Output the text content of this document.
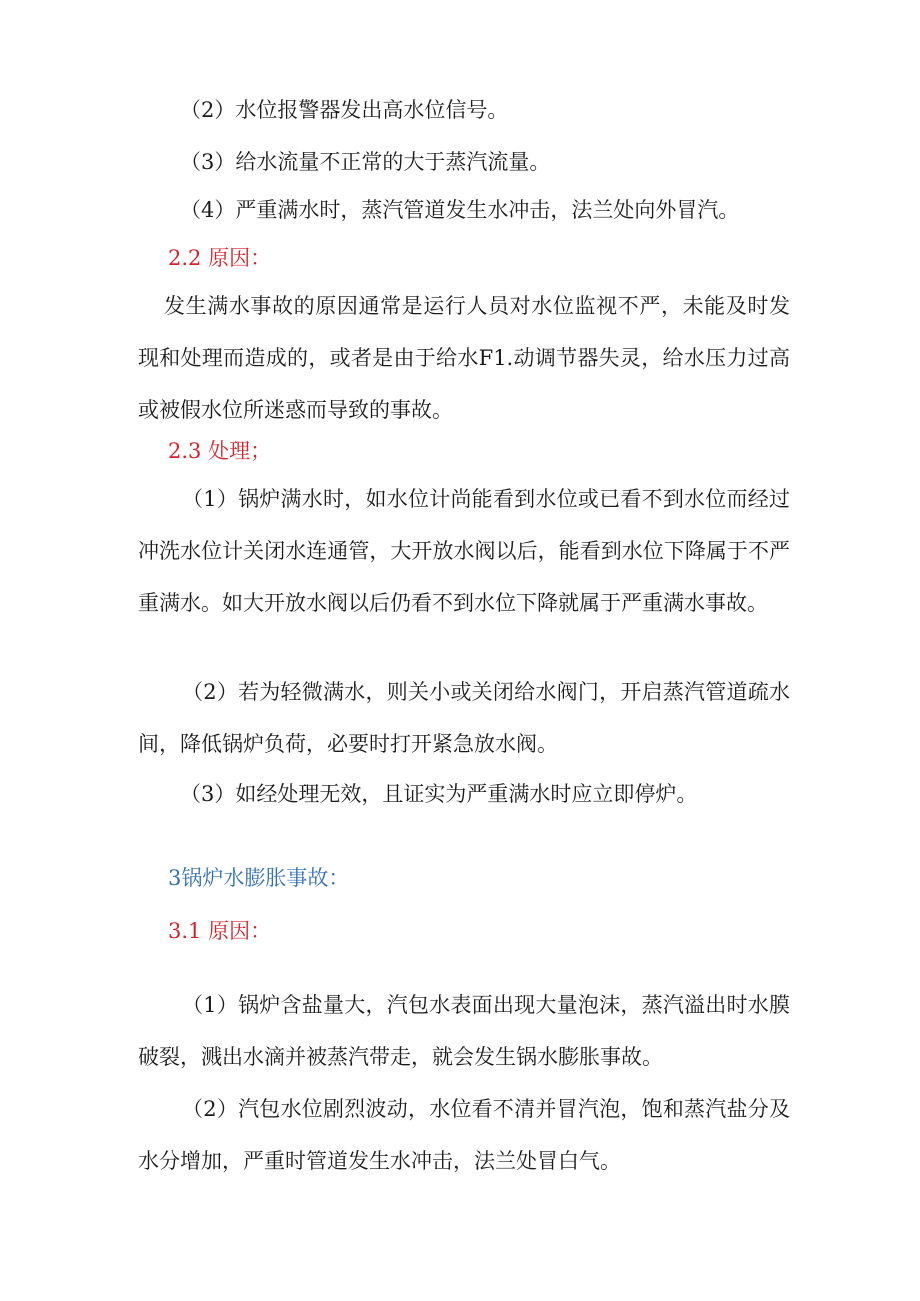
（2）水位报警器发出高水位信号。
（3）给水流量不正常的大于蒸汽流量。
（4）严重满水时，蒸汽管道发生水冲击，法兰处向外冒汽。
2.2 原因：
发生满水事故的原因通常是运行人员对水位监视不严，未能及时发现和处理而造成的，或者是由于给水F1.动调节器失灵，给水压力过高或被假水位所迷惑而导致的事故。
2.3 处理；
（1）锅炉满水时，如水位计尚能看到水位或已看不到水位而经过冲洗水位计关闭水连通管，大开放水阀以后，能看到水位下降属于不严重满水。如大开放水阀以后仍看不到水位下降就属于严重满水事故。
（2）若为轻微满水，则关小或关闭给水阀门，开启蒸汽管道疏水间，降低锅炉负荷，必要时打开紧急放水阀。
（3）如经处理无效，且证实为严重满水时应立即停炉。
3锅炉水膨胀事故：
3.1 原因：
（1）锅炉含盐量大，汽包水表面出现大量泡沫，蒸汽溢出时水膜破裂，溅出水滴并被蒸汽带走，就会发生锅水膨胀事故。
（2）汽包水位剧烈波动，水位看不清并冒汽泡，饱和蒸汽盐分及水分增加，严重时管道发生水冲击，法兰处冒白气。
